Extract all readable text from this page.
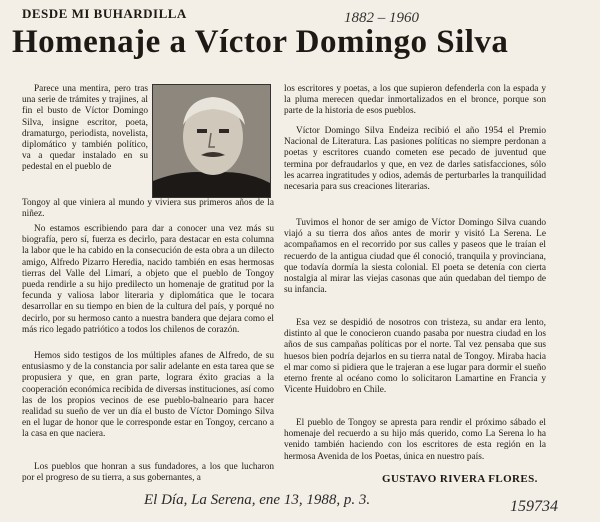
DESDE MI BUHARDILLA	1882 – 1960
Homenaje a Víctor Domingo Silva
Parece una mentira, pero tras una serie de trámites y trajines, al fin el busto de Víctor Domingo Silva, insigne escritor, poeta, dramaturgo, periodista, novelista, diplomático y también político, va a quedar instalado en su pedestal en el pueblo de
Tongoy al que viniera al mundo y viviera sus primeros años de la niñez.
No estamos escribiendo para dar a conocer una vez más su biografía, pero sí, fuerza es decirlo, para destacar en esta columna la labor que le ha cabido en la consecución de esta obra a un dilecto amigo, Alfredo Pizarro Heredia, nacido también en esas hermosas tierras del Valle del Limarí, a objeto que el pueblo de Tongoy pueda rendirle a su hijo predilecto un homenaje de gratitud por la fecunda y valiosa labor literaria y diplomática que le tocara desarrollar en su tiempo en bien de la cultura del país, y porqué no decirlo, por su hermoso canto a nuestra bandera que dejara como el más rico legado patriótico a todos los chilenos de corazón.
Hemos sido testigos de los múltiples afanes de Alfredo, de su entusiasmo y de la constancia por salir adelante en esta tarea que se propusiera y que, en gran parte, lograra éxito gracias a la cooperación económica recibida de diversas instituciones, así como las de los propios vecinos de ese pueblo-balneario para hacer realidad su sueño de ver un día el busto de Víctor Domingo Silva en el lugar de honor que le corresponde estar en Tongoy, cercano a la casa en que naciera.
Los pueblos que honran a sus fundadores, a los que lucharon por el progreso de su tierra, a sus gobernantes, a
los escritores y poetas, a los que supieron defenderla con la espada y la pluma merecen quedar inmortalizados en el bronce, porque son parte de la historia de esos pueblos.
Víctor Domingo Silva Endeiza recibió el año 1954 el Premio Nacional de Literatura. Las pasiones políticas no siempre perdonan a poetas y escritores cuando cometen ese pecado de juventud que termina por defraudarlos y que, en vez de darles satisfacciones, sólo les acarrea ingratitudes y odios, además de perturbarles la tranquilidad necesaria para sus creaciones literarias.
Tuvimos el honor de ser amigo de Víctor Domingo Silva cuando viajó a su tierra dos años antes de morir y visitó La Serena. Le acompañamos en el recorrido por sus calles y paseos que le traían el recuerdo de la antigua ciudad que él conoció, tranquila y provinciana, que todavía dormía la siesta colonial. El poeta se detenía con cierta nostalgia al mirar las viejas casonas que aún quedaban del tiempo de su infancia.
Esa vez se despidió de nosotros con tristeza, su andar era lento, distinto al que le conocieron cuando pasaba por nuestra ciudad en los años de sus campañas políticas por el norte. Tal vez pensaba que sus huesos bien podría dejarlos en su tierra natal de Tongoy. Miraba hacia el mar como si pidiera que le trajeran a ese lugar para dormir el sueño eterno frente al océano como lo solicitaron Lamartine en Francia y Vicente Huidobro en Chile.
El pueblo de Tongoy se apresta para rendir el próximo sábado el homenaje del recuerdo a su hijo más querido, como La Serena lo ha venido también haciendo con los escritores de esta región en la hermosa Avenida de los Poetas, única en nuestro país.
GUSTAVO RIVERA FLORES.
El Día, La Serena, ene 13, 1988, p. 3.	159734
